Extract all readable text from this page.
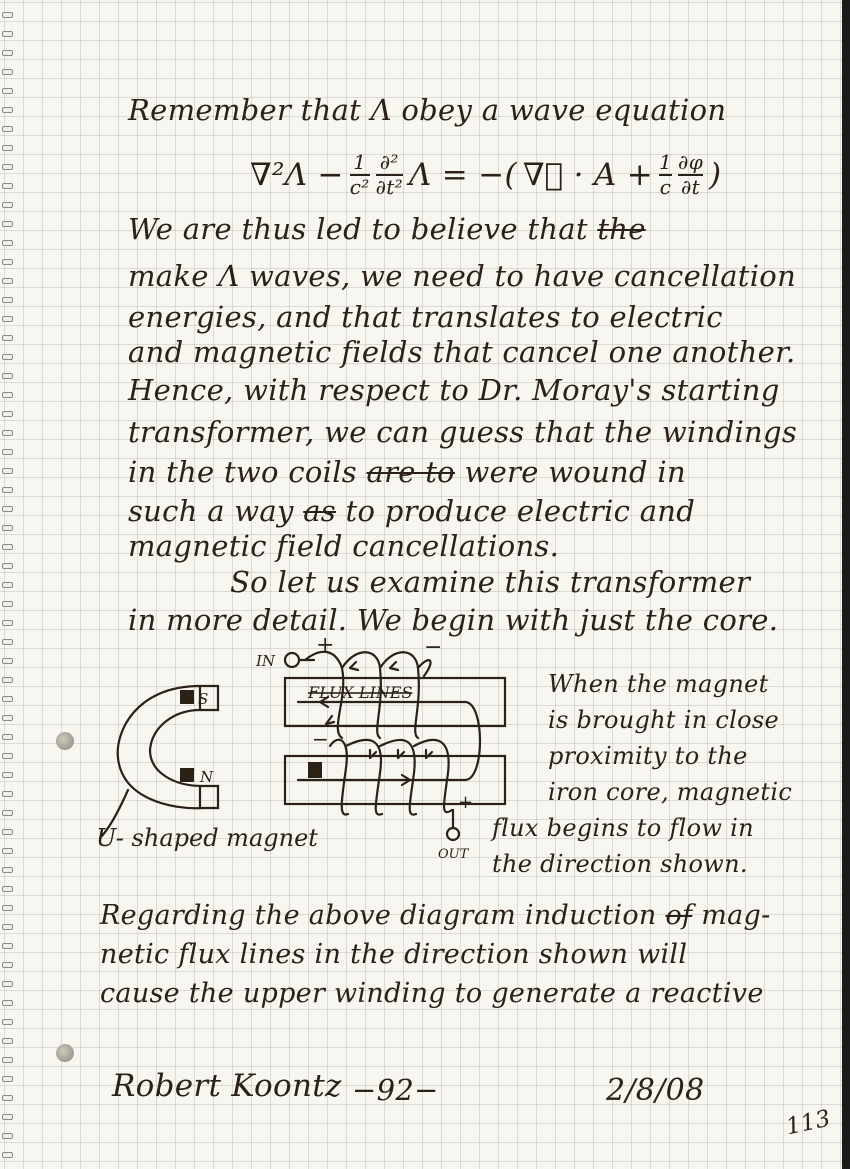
Remember that Λ obey a wave equation
$\nabla^2\Lambda - \frac{1}{\text{c²}} \frac{\text{∂²}}{\text{∂t²}}$ Λ = −( ∇⃗ · $A + \frac{1}{c} \frac{\partial\varphi}{\partial t}$ )
We are thus led to believe that the
make Λ waves, we need to have cancellation
energies, and that translates to electric
and magnetic fields that cancel one another.
Hence, with respect to Dr. Moray's starting
transformer, we can guess that the windings
in the two coils are to were wound in
such a way as to produce electric and
magnetic field cancellations.
So let us examine this transformer
in more detail. We begin with just the core.
IN
OUT
+	−
−
+
S S
N N
FLUX LINES
U- shaped magnet
When the magnet
is brought in close
proximity to the
iron core, magnetic
flux begins to flow in
the direction shown.
Regarding the above diagram induction of mag-
netic flux lines in the direction shown will
cause the upper winding to generate a reactive
Robert Koontz −92−	2/8/08
113
